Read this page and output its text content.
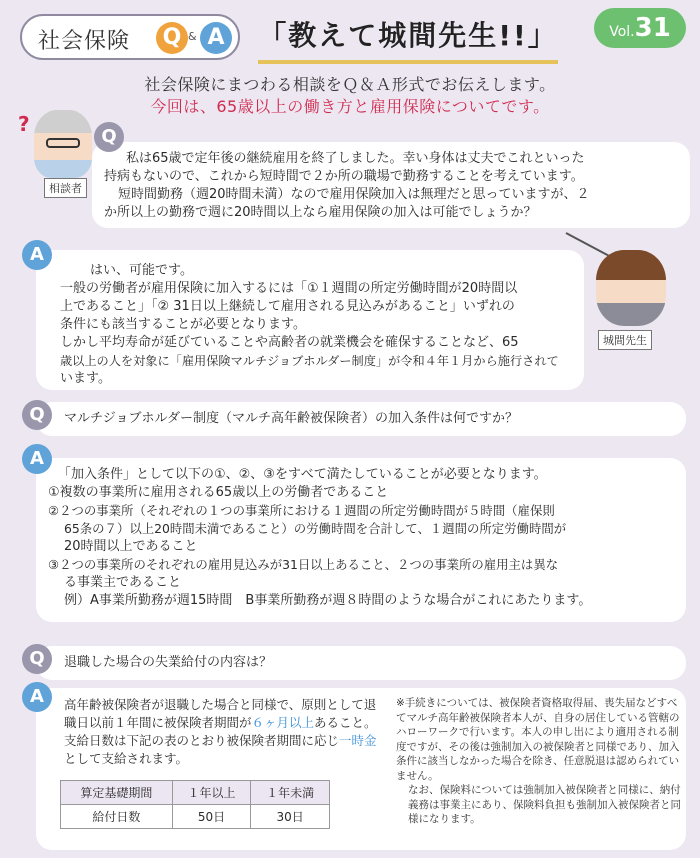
社会保険	Q & A 「教えて城間先生!!」	Vol.31
社会保険にまつわる相談をＱ＆Ａ形式でお伝えします。
今回は、65歳以上の働き方と雇用保険についてです。
?
相談者
Q

私は65歳で定年後の継続雇用を終了しました。幸い身体は丈夫でこれといった

持病もないので、これから短時間で２か所の職場で勤務することを考えています。

短時間勤務（週20時間未満）なので雇用保険加入は無理だと思っていますが、２

か所以上の勤務で週に20時間以上なら雇用保険の加入は可能でしょうか？

城間先生
A

はい、可能です。

一般の労働者が雇用保険に加入するには「①１週間の所定労働時間が20時間以

上であること」「② 31日以上継続して雇用される見込みがあること」いずれの

条件にも該当することが必要となります。

しかし平均寿命が延びていることや高齢者の就業機会を確保することなど、65

歳以上の人を対象に「雇用保険マルチジョブホルダー制度」が令和４年１月から施行されて

います。

Q	マルチジョブホルダー制度（マルチ高年齢被保険者）の加入条件は何ですか？
A

「加入条件」として以下の①、②、③をすべて満たしていることが必要となります。

①複数の事業所に雇用される65歳以上の労働者であること

②２つの事業所（それぞれの１つの事業所における１週間の所定労働時間が５時間（雇保則

65条の７）以上20時間未満であること）の労働時間を合計して、１週間の所定労働時間が

20時間以上であること

③２つの事業所のそれぞれの雇用見込みが31日以上あること、２つの事業所の雇用主は異な

る事業主であること

例）A事業所勤務が週15時間　B事業所勤務が週８時間のような場合がこれにあたります。

Q	退職した場合の失業給付の内容は？
A	高年齢被保険者が退職した場合と同様で、原則として退職日以前１年間に被保険者期間が６ヶ月以上あること。支給日数は下記の表のとおり被保険者期間に応じ一時金として支給されます。

※手続きについては、被保険者資格取得届、喪失届などすべてマルチ高年齢被保険者本人が、自身の居住している管轄のハローワークで行います。本人の申し出により適用される制度ですが、その後は強制加入の被保険者と同様であり、加入条件に該当しなかった場合を除き、任意脱退は認められていません。

なお、保険料については強制加入被保険者と同様に、納付義務は事業主にあり、保険料負担も強制加入被保険者と同様になります。

算定基礎期間	１年以上	１年未満
給付日数	50日	30日
